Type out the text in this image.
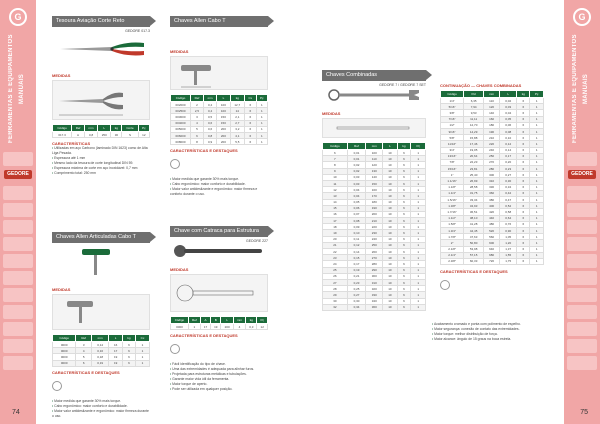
G
FERRAMENTAS E EQUIPAMENTOS MANUAIS
GEDORE
G
FERRAMENTAS E EQUIPAMENTOS MANUAIS
GEDORE
Tesoura Aviação Corte Reto
GEDORE 017.3
MEDIDAS
Código	Ref	mm	L	kg	Corte	Pç
017.3	A	0,8	250	30	S	12
CARACTERÍSTICAS
• Utilizadas em aço Carbono (laminado DIN 1623) como de Alta Liga Pesada.
• Espessura até 1 mm
• Mesmo lado da tesoura de corte longitudinal DIN 59.
• Espessura máxima de corte em aço inoxidável: 0,7 mm
• Comprimento total: 250 mm
Chaves Allen Cabo T
MEDIDAS
Código	Ref	mm	L	kg	Cx	Pç
002000	2	0,4	100	12,7	6	1
002500	2,5	0,4	100	14	6	1
003000	3	0,5	150	2,1	6	1
004000	4	0,6	150	2,7	6	1
005000	5	0,6	200	3,2	6	1
006000	6	0,8	200	4,1	6	1
008000	8	0,9	200	5,5	6	1
CARACTERÍSTICAS E DESTAQUES
• Maior medida que garante 30% mais torque.
• Cabo ergonômico: maior conforto e durabilidade.
• Maior valor antideslizante e ergonômico: maior firmeza e conforto durante o uso.
Chaves Allen Articuladas Cabo T
MEDIDAS
Código	Ref	mm	L	kg	Cx
0000	3	0,14	16	6	1
0000	4	0,16	17	6	1
0000	5	0,18	19	6	1
0000	6	0,19	19	6	1
CARACTERÍSTICAS E DESTAQUES
• Maior medida que garante 30% mais torque.
• Cabo ergonômico: maior conforto e durabilidade.
• Maior valor antideslizante e ergonômico: maior firmeza durante o uso.
Chave com Catraca para Estrutura Metálica e Tubulação	GEDORE 227
MEDIDAS
Código	Ref	A	B	L	mm	kg	Pç
0000	1	17	19	200	4	0,3	12
CARACTERÍSTICAS E DESTAQUES
• Fácil identificação do tipo de chave.
• Uma das extremidades é adequada para alinhar furos.
• Projetada para estruturas metálicas e tubulações.
• Garante maior vida útil da ferramenta.
• Maior torque de aperto.
• Pode ser utilizada em qualquer posição.
Chaves Combinadas
GEDORE 7 / GEDORE 7 SET
MEDIDAS
Código	Ref	mm	L	kg	Pç
6	0,01	100	10	6	1
7	0,01	110	10	6	1
8	0,02	120	10	6	1
9	0,02	130	10	6	1
10	0,03	140	10	6	1
11	0,03	150	10	6	1
12	0,04	160	10	6	1
13	0,04	170	10	6	1
14	0,05	180	10	6	1
15	0,06	190	10	6	1
16	0,07	200	10	6	1
17	0,08	210	10	6	1
18	0,09	220	10	6	1
19	0,10	230	10	6	1
20	0,11	240	10	6	1
21	0,12	250	10	6	1
22	0,14	260	10	6	1
23	0,15	270	10	6	1
24	0,17	280	10	6	1
25	0,19	290	10	6	1
26	0,21	300	10	6	1
27	0,23	310	10	6	1
28	0,25	320	10	6	1
29	0,27	330	10	6	1
30	0,30	340	10	6	1
32	0,34	360	10	6	1
CONTINUAÇÃO — CHAVES COMBINADAS
Código	Pol	mm	L	kg	Pç
1/4"	6,35	110	0,02	6	1
5/16"	7,94	120	0,03	6	1
3/8"	9,53	140	0,04	6	1
7/16"	11,11	160	0,05	6	1
1/2"	12,70	180	0,06	6	1
9/16"	14,29	190	0,08	6	1
5/8"	15,88	210	0,10	6	1
11/16"	17,46	220	0,12	6	1
3/4"	19,05	240	0,14	6	1
13/16"	20,64	250	0,17	6	1
7/8"	22,23	270	0,20	6	1
15/16"	23,81	280	0,23	6	1
1"	25,40	300	0,27	6	1
1.1/16"	26,99	310	0,30	6	1
1.1/8"	28,58	330	0,34	6	1
1.1/4"	31,75	360	0,42	6	1
1.5/16"	33,34	380	0,47	6	1
1.3/8"	34,93	400	0,52	6	1
1.7/16"	36,51	420	0,58	6	1
1.1/2"	38,10	440	0,64	6	1
1.5/8"	41,28	480	0,76	6	1
1.3/4"	44,45	520	0,90	6	1
1.7/8"	47,63	560	1,05	6	1
2"	50,80	600	1,20	6	1
2.1/8"	53,98	640	1,37	6	1
2.1/4"	57,15	680	1,55	6	1
2.3/8"	60,33	720	1,75	6	1
CARACTERÍSTICAS E DESTAQUES
• Acabamento cromado e ponta com polimento de espelho.
• Maior segurança: conexão de contato das extremidades.
• Maior torque: melhor distribuição de força.
• Maior alcance: ângulo de 15 graus na boca estrela.
74	75
